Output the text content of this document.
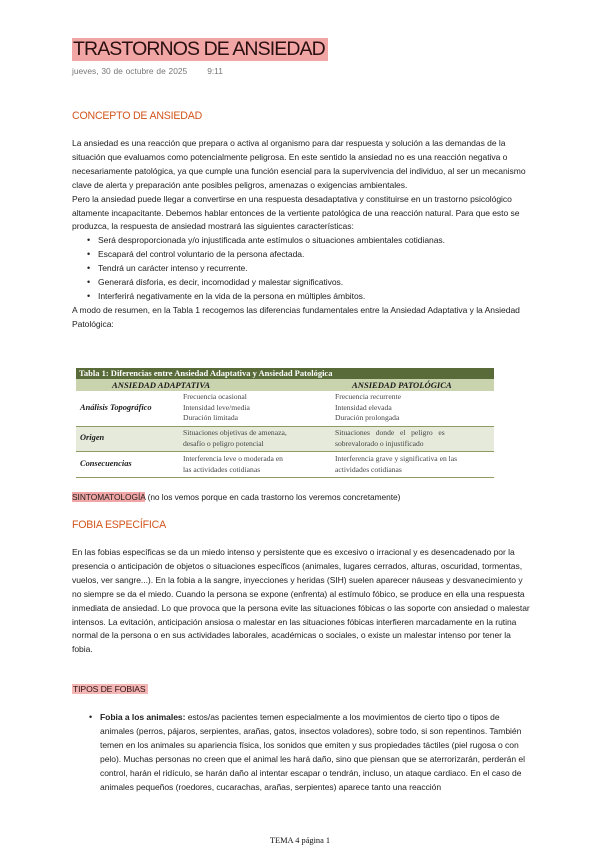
TRASTORNOS DE ANSIEDAD
jueves, 30 de octubre de 2025 9:11
CONCEPTO DE ANSIEDAD

La ansiedad es una reacción que prepara o activa al organismo para dar respuesta y solución a las demandas de la situación que evaluamos como potencialmente peligrosa. En este sentido la ansiedad no es una reacción negativa o necesariamente patológica, ya que cumple una función esencial para la supervivencia del individuo, al ser un mecanismo clave de alerta y preparación ante posibles peligros, amenazas o exigencias ambientales.

Pero la ansiedad puede llegar a convertirse en una respuesta desadaptativa y constituirse en un trastorno psicológico altamente incapacitante. Debemos hablar entonces de la vertiente patológica de una reacción natural. Para que esto se produzca, la respuesta de ansiedad mostrará las siguientes características:

• Será desproporcionada y/o injustificada ante estímulos o situaciones ambientales cotidianas.
• Escapará del control voluntario de la persona afectada.
• Tendrá un carácter intenso y recurrente.
• Generará disforia, es decir, incomodidad y malestar significativos.
• Interferirá negativamente en la vida de la persona en múltiples ámbitos.

A modo de resumen, en la Tabla 1 recogemos las diferencias fundamentales entre la Ansiedad Adaptativa y la Ansiedad Patológica:

Tabla 1: Diferencias entre Ansiedad Adaptativa y Ansiedad Patológica
ANSIEDAD ADAPTATIVA	ANSIEDAD PATOLÓGICA
Análisis Topográfico
Frecuencia ocasional
Intensidad leve/media
Duración limitada
Frecuencia recurrente
Intensidad elevada
Duración prolongada
Origen
Situaciones objetivas de amenaza,
desafío o peligro potencial
Situaciones   donde   el   peligro   es
sobrevalorado o injustificado
Consecuencias
Interferencia leve o moderada en
las actividades cotidianas
Interferencia grave y significativa en las
actividades cotidianas
SINTOMATOLOGÍA (no los vemos porque en cada trastorno los veremos concretamente)
FOBIA ESPECÍFICA

En las fobias específicas se da un miedo intenso y persistente que es excesivo o irracional y es desencadenado por la presencia o anticipación de objetos o situaciones específicos (animales, lugares cerrados, alturas, oscuridad, tormentas, vuelos, ver sangre...). En la fobia a la sangre, inyecciones y heridas (SIH) suelen aparecer náuseas y desvanecimiento y no siempre se da el miedo. Cuando la persona se expone (enfrenta) al estímulo fóbico, se produce en ella una respuesta inmediata de ansiedad. Lo que provoca que la persona evite las situaciones fóbicas o las soporte con ansiedad o malestar intensos. La evitación, anticipación ansiosa o malestar en las situaciones fóbicas interfieren marcadamente en la rutina normal de la persona o en sus actividades laborales, académicas o sociales, o existe un malestar intenso por tener la fobia.

TIPOS DE FOBIAS
• Fobia a los animales: estos/as pacientes temen especialmente a los movimientos de cierto tipo o tipos de animales (perros, pájaros, serpientes, arañas, gatos, insectos voladores), sobre todo, si son repentinos. También temen en los animales su apariencia física, los sonidos que emiten y sus propiedades táctiles (piel rugosa o con pelo). Muchas personas no creen que el animal les hará daño, sino que piensan que se aterrorizarán, perderán el control, harán el ridículo, se harán daño al intentar escapar o tendrán, incluso, un ataque cardiaco. En el caso de animales pequeños (roedores, cucarachas, arañas, serpientes) aparece tanto una reacción
TEMA 4 página 1
